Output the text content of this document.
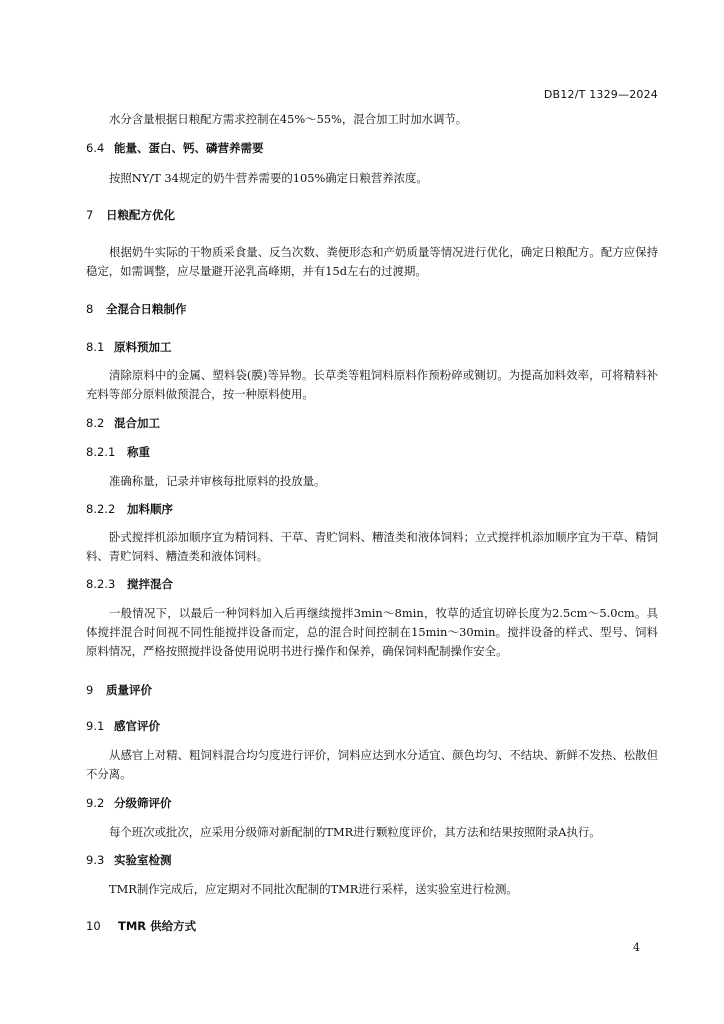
DB12/T 1329—2024
水分含量根据日粮配方需求控制在45%～55%，混合加工时加水调节。
6.4 能量、蛋白、钙、磷营养需要
按照NY/T 34规定的奶牛营养需要的105%确定日粮营养浓度。
7 日粮配方优化
根据奶牛实际的干物质采食量、反刍次数、粪便形态和产奶质量等情况进行优化，确定日粮配方。配方应保持稳定，如需调整，应尽量避开泌乳高峰期，并有15d左右的过渡期。
8 全混合日粮制作
8.1 原料预加工
清除原料中的金属、塑料袋(膜)等异物。长草类等粗饲料原料作预粉碎或铡切。为提高加料效率，可将精料补充料等部分原料做预混合，按一种原料使用。
8.2 混合加工
8.2.1 称重
准确称量，记录并审核每批原料的投放量。
8.2.2 加料顺序
卧式搅拌机添加顺序宜为精饲料、干草、青贮饲料、糟渣类和液体饲料；立式搅拌机添加顺序宜为干草、精饲料、青贮饲料、糟渣类和液体饲料。
8.2.3 搅拌混合
一般情况下，以最后一种饲料加入后再继续搅拌3min～8min，牧草的适宜切碎长度为2.5cm～5.0cm。具体搅拌混合时间视不同性能搅拌设备而定，总的混合时间控制在15min～30min。搅拌设备的样式、型号、饲料原料情况，严格按照搅拌设备使用说明书进行操作和保养，确保饲料配制操作安全。
9 质量评价
9.1 感官评价
从感官上对精、粗饲料混合均匀度进行评价，饲料应达到水分适宜、颜色均匀、不结块、新鲜不发热、松散但不分离。
9.2 分级筛评价
每个班次或批次，应采用分级筛对新配制的TMR进行颗粒度评价，其方法和结果按照附录A执行。
9.3 实验室检测
TMR制作完成后，应定期对不同批次配制的TMR进行采样，送实验室进行检测。
10 TMR 供给方式
4
